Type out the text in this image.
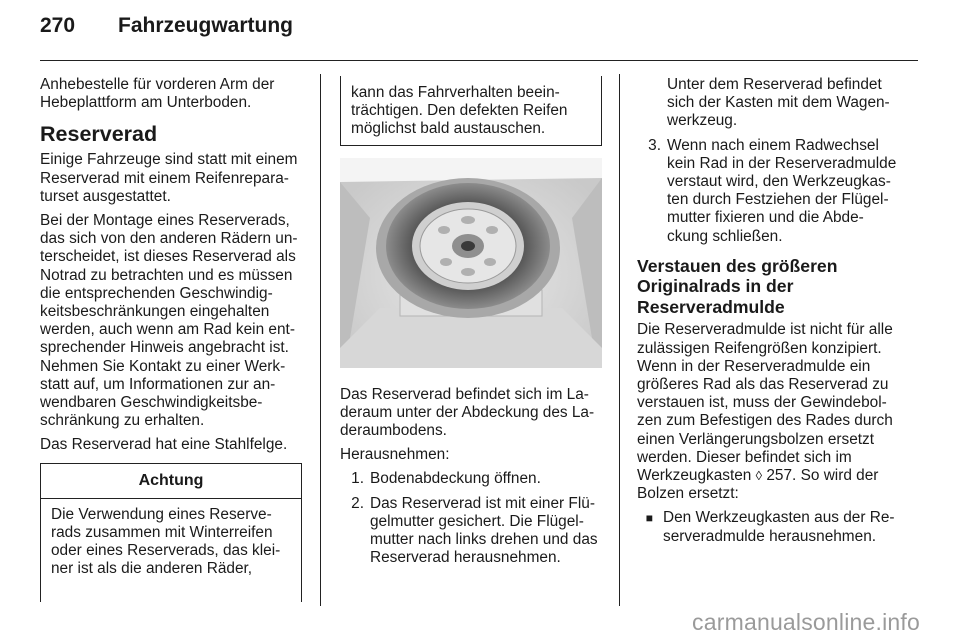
270 Fahrzeugwartung

Anhebestelle für vorderen Arm der Hebeplattform am Unterboden.

Reserverad

Einige Fahrzeuge sind statt mit einem Reserverad mit einem Reifenrepara- turset ausgestattet.

Bei der Montage eines Reserverads, das sich von den anderen Rädern un- terscheidet, ist dieses Reserverad als Notrad zu betrachten und es müssen die entsprechenden Geschwindig- keitsbeschränkungen eingehalten werden, auch wenn am Rad kein ent- sprechender Hinweis angebracht ist. Nehmen Sie Kontakt zu einer Werk- statt auf, um Informationen zur an- wendbaren Geschwindigkeitsbe- schränkung zu erhalten.

Das Reserverad hat eine Stahlfelge.

Achtung
Die Verwendung eines Reserve- rads zusammen mit Winterreifen oder eines Reserverads, das klei- ner ist als die anderen Räder,
kann das Fahrverhalten beein- trächtigen. Den defekten Reifen möglichst bald austauschen.

Das Reserverad befindet sich im La- deraum unter der Abdeckung des La- deraumbodens.

Herausnehmen:

1. Bodenabdeckung öffnen.
2. Das Reserverad ist mit einer Flü- gelmutter gesichert. Die Flügel- mutter nach links drehen und das Reserverad herausnehmen.
Unter dem Reserverad befindet sich der Kasten mit dem Wagen- werkzeug.
3. Wenn nach einem Radwechsel kein Rad in der Reserveradmulde verstaut wird, den Werkzeugkas- ten durch Festziehen der Flügel- mutter fixieren und die Abde- ckung schließen.
Verstauen des größeren Originalrads in der Reserveradmulde

Die Reserveradmulde ist nicht für alle zulässigen Reifengrößen konzipiert. Wenn in der Reserveradmulde ein größeres Rad als das Reserverad zu verstauen ist, muss der Gewindebol- zen zum Befestigen des Rades durch einen Verlängerungsbolzen ersetzt werden. Dieser befindet sich im Werkzeugkasten ◊ 257. So wird der Bolzen ersetzt:

■ Den Werkzeugkasten aus der Re- serveradmulde herausnehmen.
carmanualsonline.info
